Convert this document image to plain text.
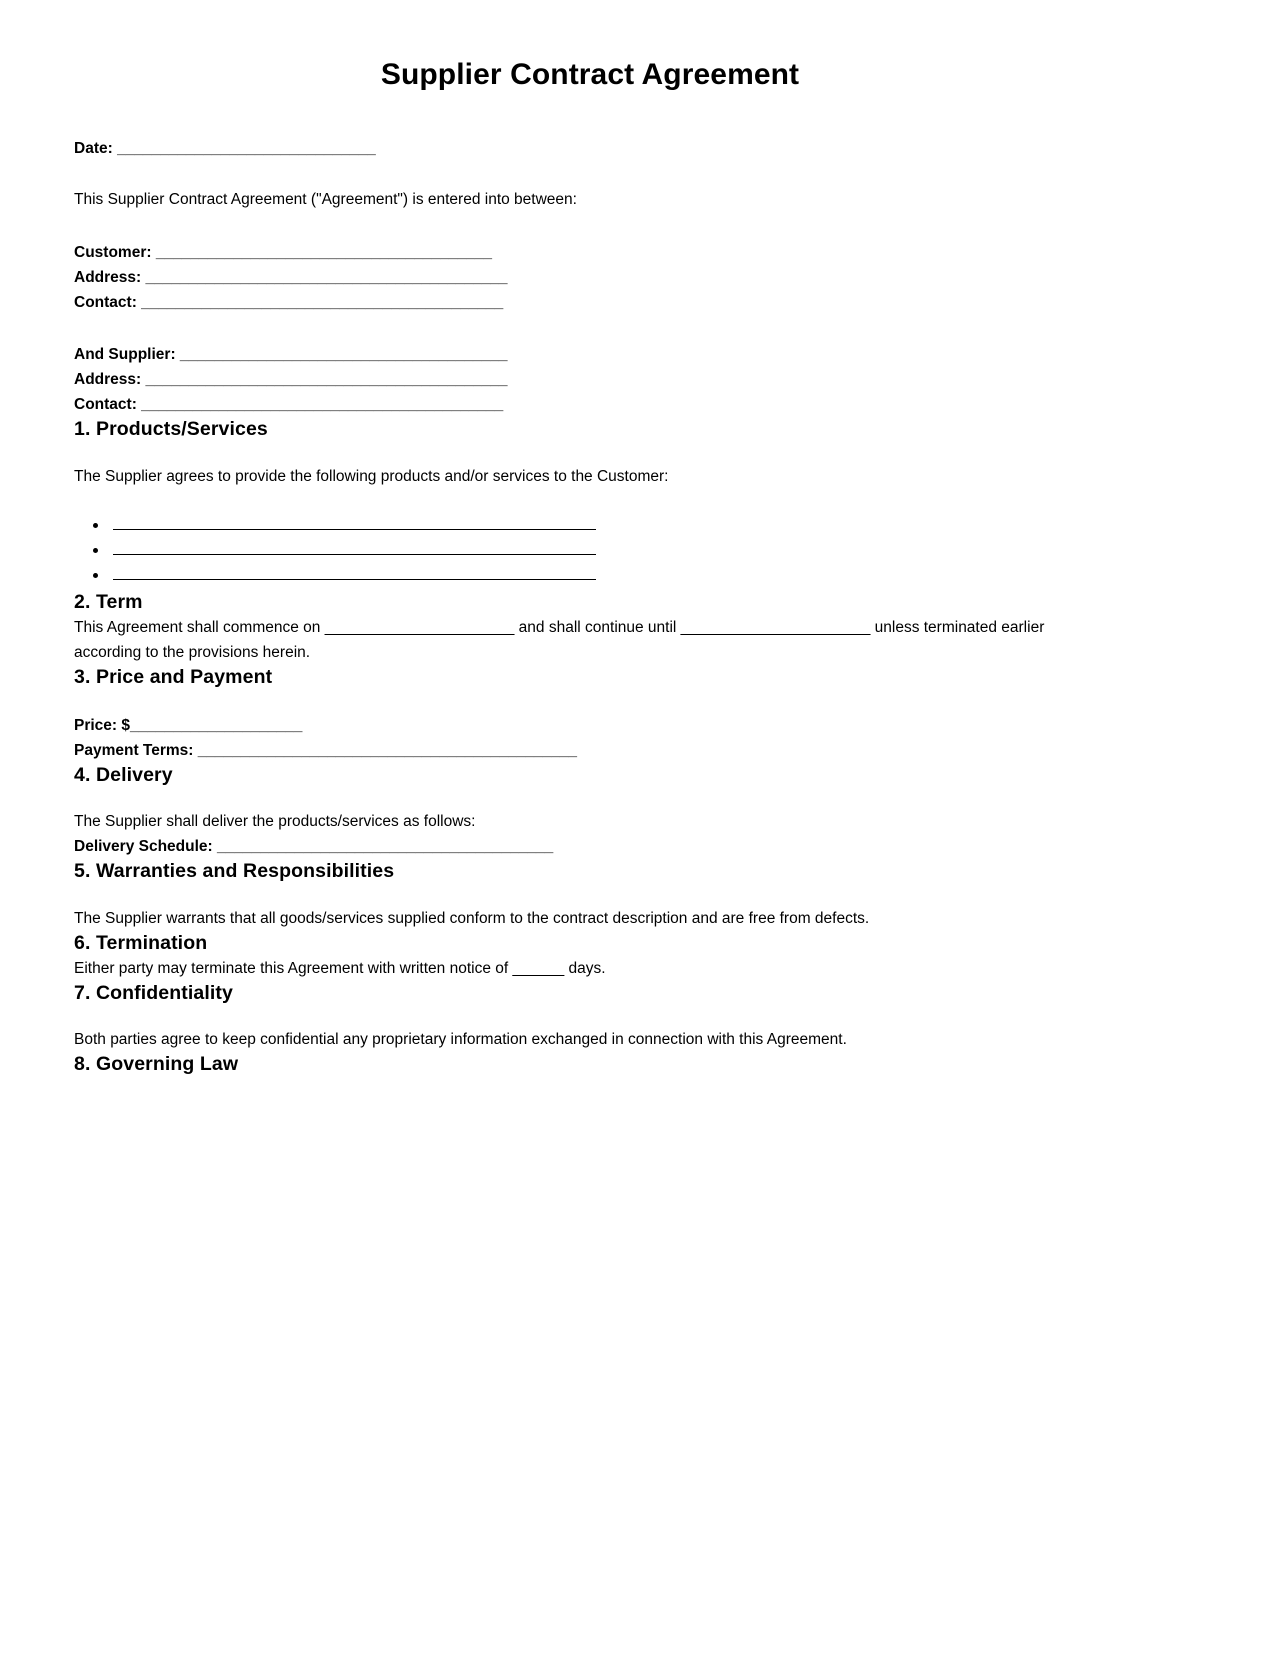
Supplier Contract Agreement

Date: ______________________________

This Supplier Contract Agreement ("Agreement") is entered into between:

Customer: _______________________________________

Address: __________________________________________

Contact: __________________________________________

And Supplier: ______________________________________

Address: __________________________________________

Contact: __________________________________________

1. Products/Services

The Supplier agrees to provide the following products and/or services to the Customer:

2. Term

This Agreement shall commence on ______________________ and shall continue until ______________________ unless terminated earlier according to the provisions herein.

3. Price and Payment

Price: $____________________

Payment Terms: ____________________________________________

4. Delivery

The Supplier shall deliver the products/services as follows:

Delivery Schedule: _______________________________________

5. Warranties and Responsibilities

The Supplier warrants that all goods/services supplied conform to the contract description and are free from defects.

6. Termination

Either party may terminate this Agreement with written notice of ______ days.

7. Confidentiality

Both parties agree to keep confidential any proprietary information exchanged in connection with this Agreement.

8. Governing Law
